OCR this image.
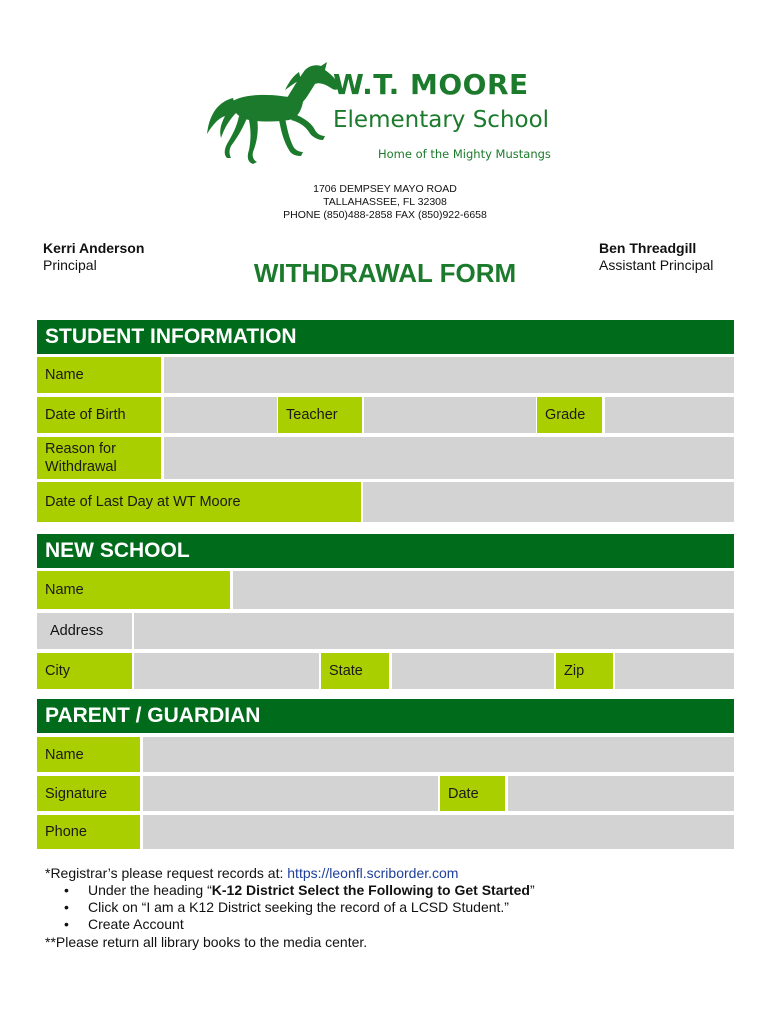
W.T. MOORE
Elementary School
Home of the Mighty Mustangs
1706 DEMPSEY MAYO ROAD
TALLAHASSEE, FL 32308
PHONE (850)488-2858 FAX (850)922-6658
Kerri Anderson
Principal
Ben Threadgill
Assistant Principal
WITHDRAWAL FORM
STUDENT INFORMATION
Name
Date of Birth	Teacher	Grade
Reason for Withdrawal
Date of Last Day at WT Moore
NEW SCHOOL
Name
Address
City	State	Zip
PARENT / GUARDIAN
Name
Signature	Date
Phone
*Registrar’s please request records at: https://leonfl.scriborder.com
• Under the heading “K-12 District Select the Following to Get Started”
• Click on “I am a K12 District seeking the record of a LCSD Student.”
• Create Account
**Please return all library books to the media center.
